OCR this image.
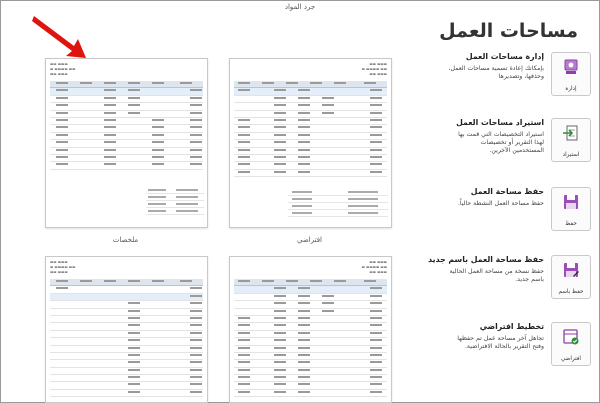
جرد المواد
مساحات العمل
إدارة
إدارة مساحات العمل
بإمكانك إعادة تسمية مساحات العمل، وحذفها، وتصديرها
استيراد
استيراد مساحات العمل
استيراد التخصيصات التي قمت بها لهذا التقرير أو تخصيصات المستخدمين الآخرين.
حفظ
حفظ مساحة العمل
حفظ مساحة العمل النشطة حالياً.
حفظ باسم
حفظ مساحة العمل باسم جديد
حفظ نسخة من مساحة العمل الحالية باسم جديد.
افتراضي
تخطيط افتراضي
تجاهل آخر مساحة عمل تم حفظها وفتح التقرير بالحالة الافتراضية.
▬▬ ▬▬▬
▬ ▬▬▬▬ ▬▬
▬▬ ▬▬▬
افتراضي
▬▬ ▬▬▬
▬ ▬▬▬▬ ▬▬
▬▬ ▬▬▬
ملخصات
▬▬ ▬▬▬
▬ ▬▬▬▬ ▬▬
▬▬ ▬▬▬
▬▬ ▬▬▬
▬ ▬▬▬▬ ▬▬
▬▬ ▬▬▬
